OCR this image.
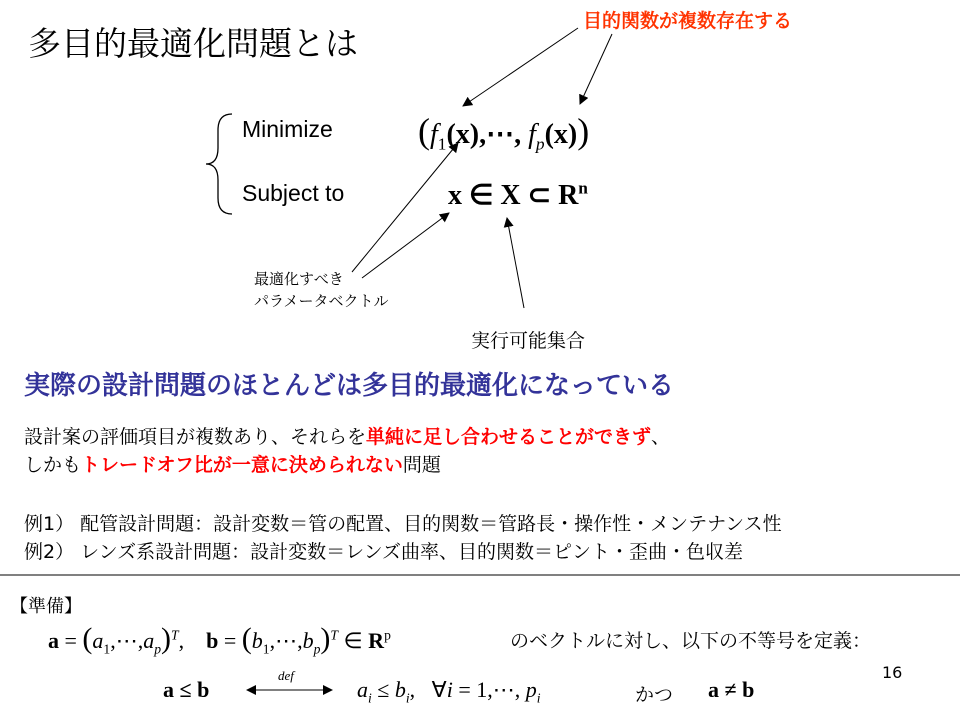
多目的最適化問題とは
目的関数が複数存在する
Minimize
Subject to
($f_1(x),\cdots$, $f_p(x)$)
x ∈ X ⊂ $R^n$
最適化すべき
パラメータベクトル
実行可能集合
実際の設計問題のほとんどは多目的最適化になっている
設計案の評価項目が複数あり、それらを単純に足し合わせることができず、
しかもトレードオフ比が一意に決められない問題
例1） 配管設計問題：設計変数＝管の配置、目的関数＝管路長・操作性・メンテナンス性
例2） レンズ系設計問題：設計変数＝レンズ曲率、目的関数＝ピント・歪曲・色収差
【準備】
$a = (a_1,\cdots,a_p)^T$,    $b = (b_1,\cdots,b_p)^T$ ∈ $R^p$	のベクトルに対し、以下の不等号を定義：
16
a ≤ b
def
$a_i \le b_i$,   ∀i = 1,⋯, $p_i$	かつ a ≠ b
